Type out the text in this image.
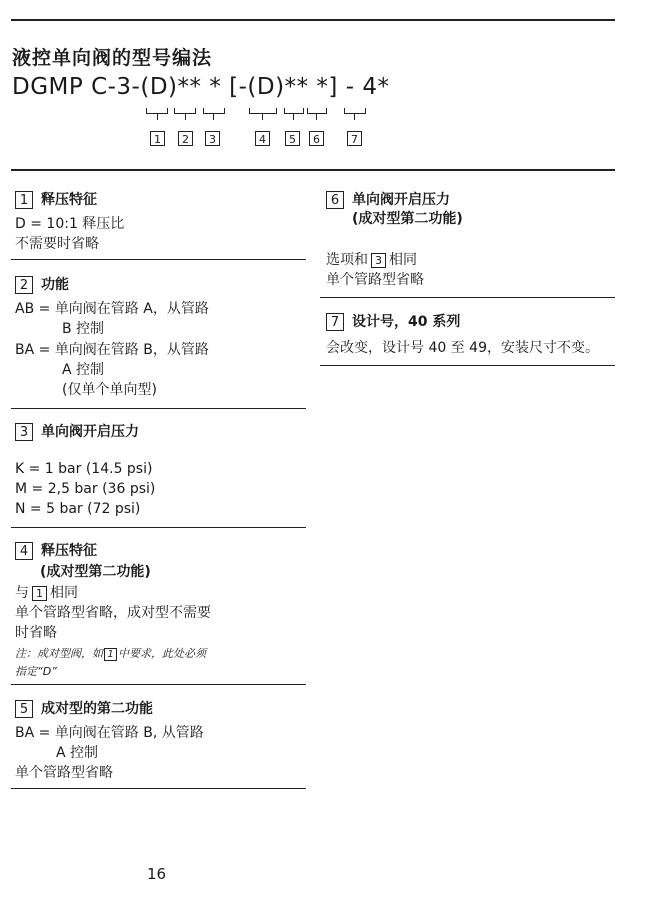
液控单向阀的型号编法
DGMP C-3-(D)** * [-(D)** *] - 4*
1	2	3	4	5	6	7
1 释压特征
D = 10:1 释压比
不需要时省略
2 功能
AB = 单向阀在管路 A，从管路
B 控制
BA = 单向阀在管路 B，从管路
A 控制
(仅单个单向型)
3 单向阀开启压力
K = 1 bar (14.5 psi)
M = 2,5 bar (36 psi)
N = 5 bar (72 psi)
4 释压特征
(成对型第二功能)
与 1 相同
单个管路型省略，成对型不需要
时省略
注：成对型阀，如 1 中要求，此处必须
指定“D”
5 成对型的第二功能
BA = 单向阀在管路 B, 从管路
A 控制
单个管路型省略
6 单向阀开启压力
(成对型第二功能)
选项和 3 相同
单个管路型省略
7 设计号，40 系列
会改变，设计号 40 至 49，安装尺寸不变。
16
